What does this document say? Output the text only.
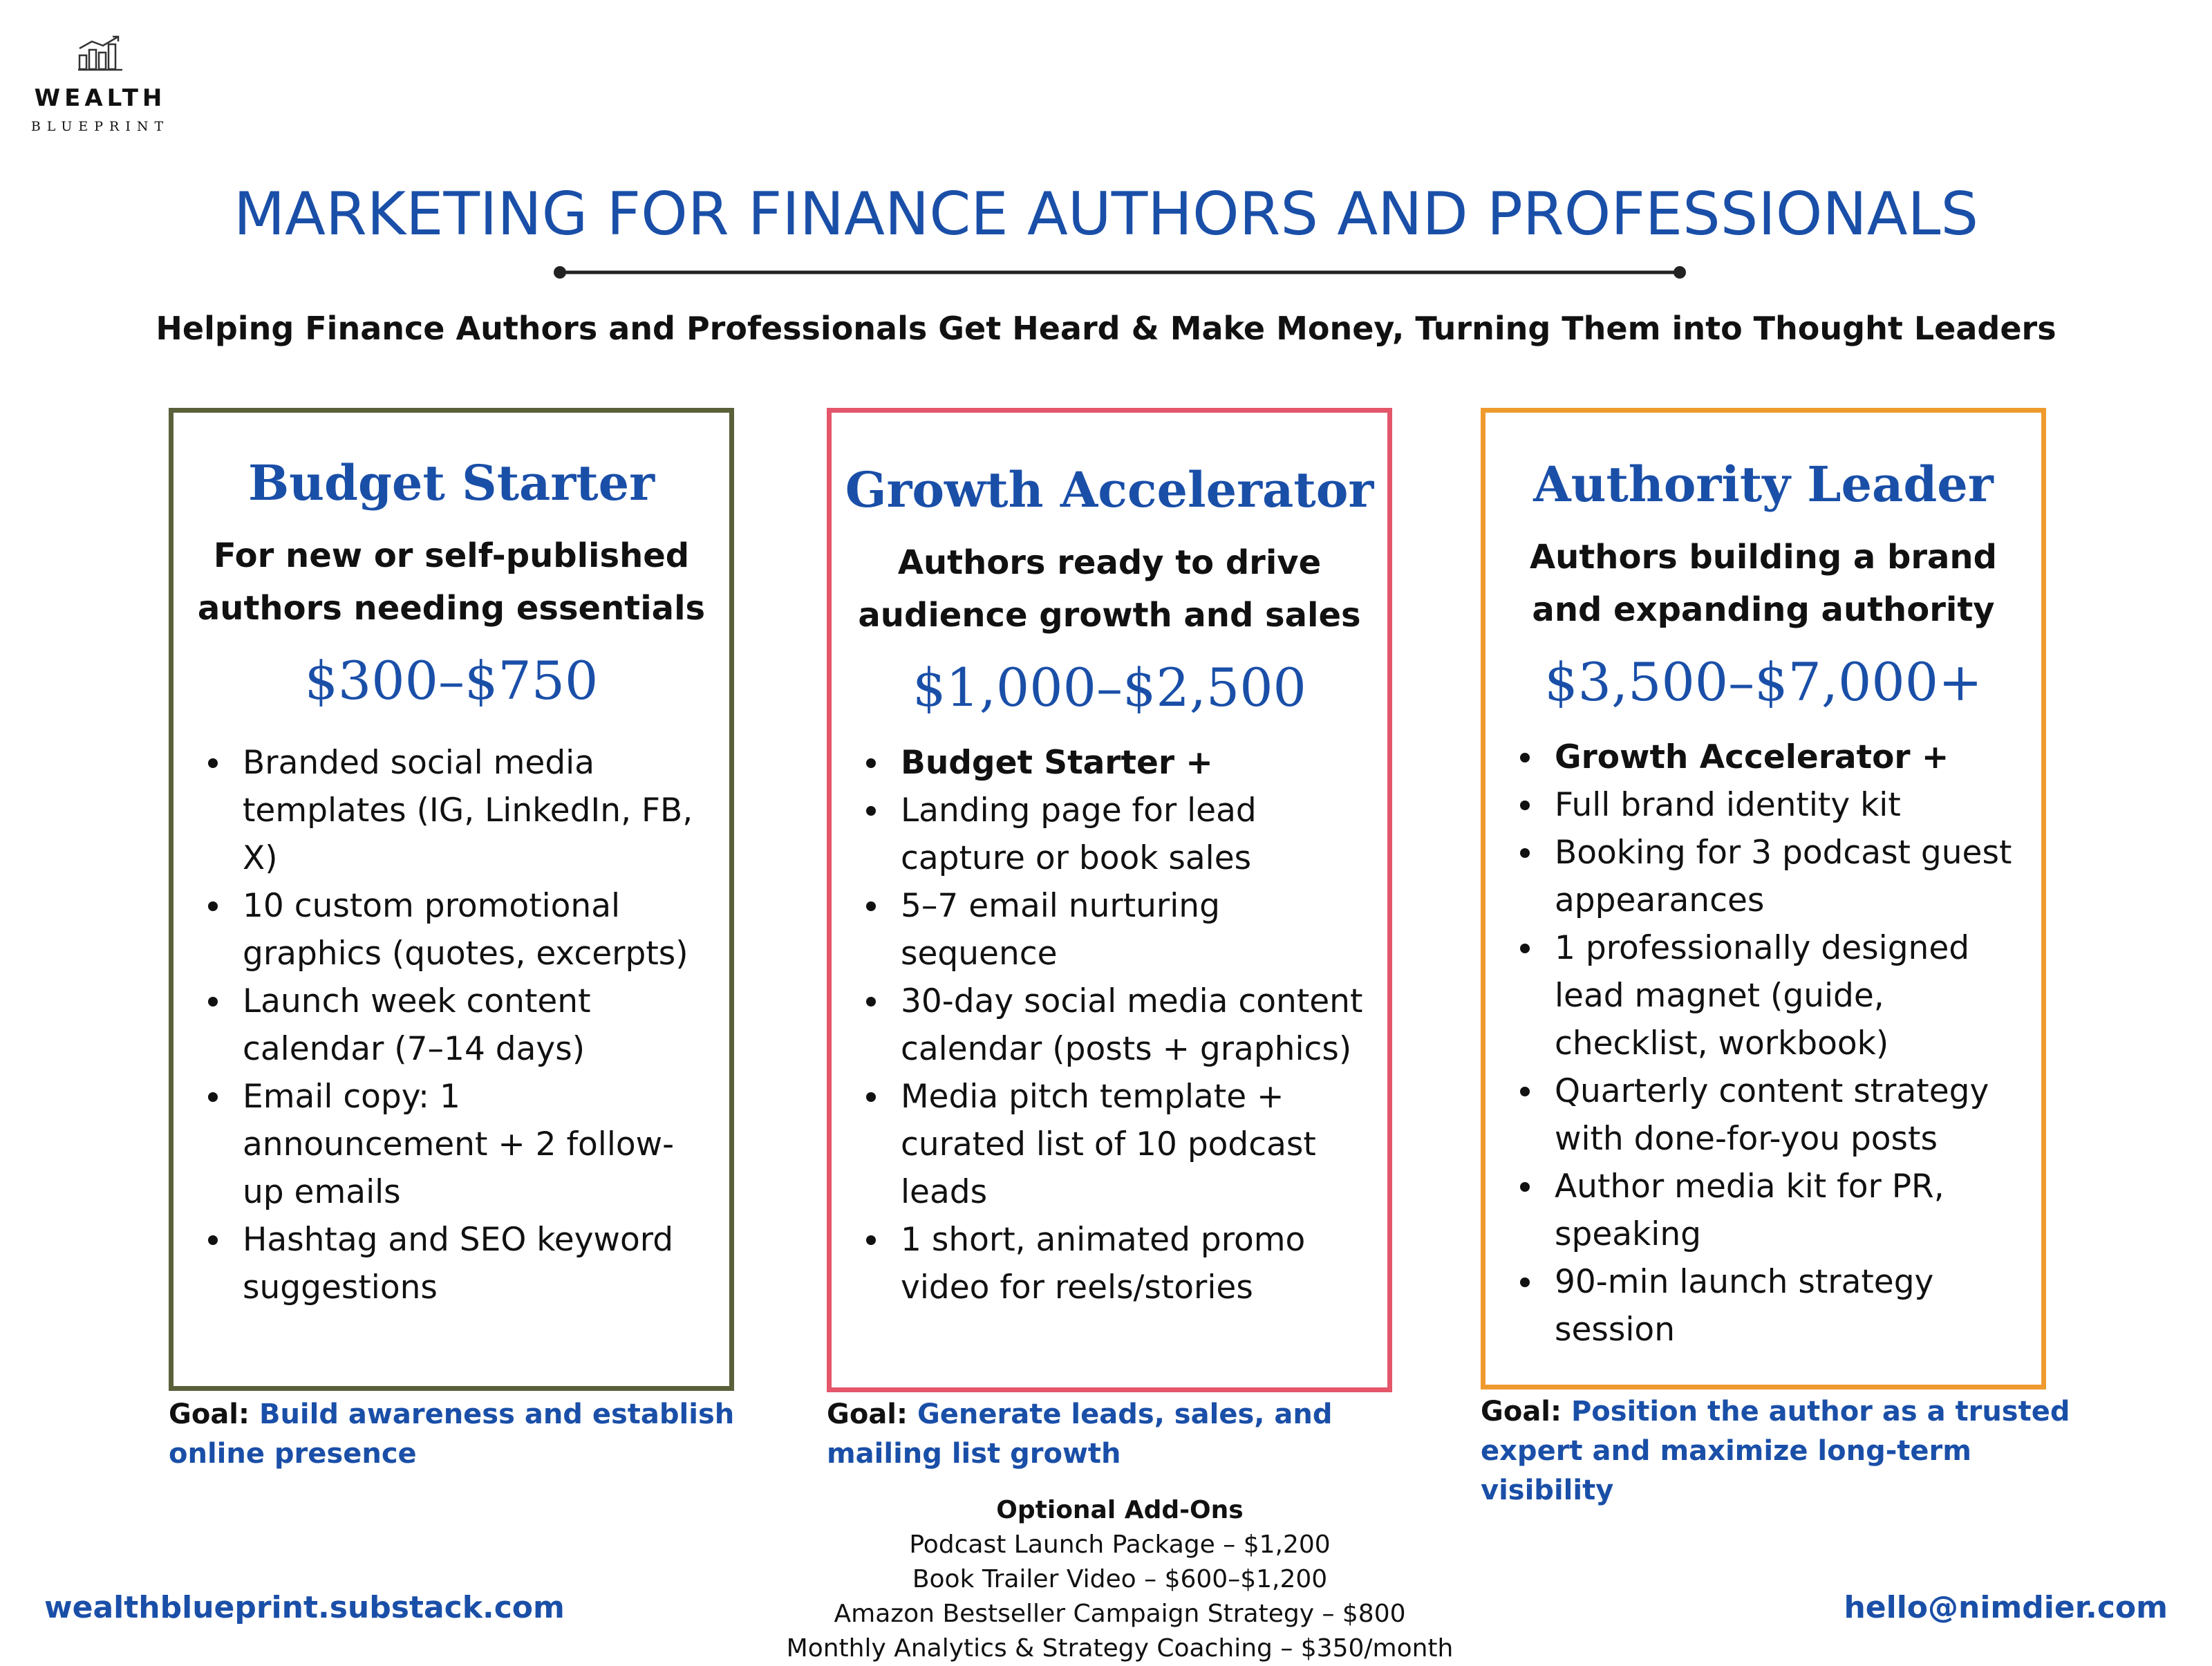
WEALTH
BLUEPRINT
MARKETING FOR FINANCE AUTHORS AND PROFESSIONALS
Helping Finance Authors and Professionals Get Heard & Make Money, Turning Them into Thought Leaders
Budget Starter
For new or self-published authors needing essentials
$300–$750
Branded social media templates (IG, LinkedIn, FB, X)
10 custom promotional graphics (quotes, excerpts)
Launch week content calendar (7–14 days)
Email copy: 1 announcement + 2 follow-up emails
Hashtag and SEO keyword suggestions
Growth Accelerator
Authors ready to drive audience growth and sales
$1,000–$2,500
Budget Starter +
Landing page for lead capture or book sales
5–7 email nurturing sequence
30-day social media content calendar (posts + graphics)
Media pitch template + curated list of 10 podcast leads
1 short, animated promo video for reels/stories
Authority Leader
Authors building a brand and expanding authority
$3,500–$7,000+
Growth Accelerator +
Full brand identity kit
Booking for 3 podcast guest appearances
1 professionally designed lead magnet (guide, checklist, workbook)
Quarterly content strategy with done-for-you posts
Author media kit for PR, speaking
90-min launch strategy session
Goal: Build awareness and establish online presence
Goal: Generate leads, sales, and mailing list growth
Goal: Position the author as a trusted expert and maximize long-term visibility
Optional Add-Ons
Podcast Launch Package – $1,200
Book Trailer Video – $600–$1,200
Amazon Bestseller Campaign Strategy – $800
Monthly Analytics & Strategy Coaching – $350/month
wealthblueprint.substack.com	hello@nimdier.com
